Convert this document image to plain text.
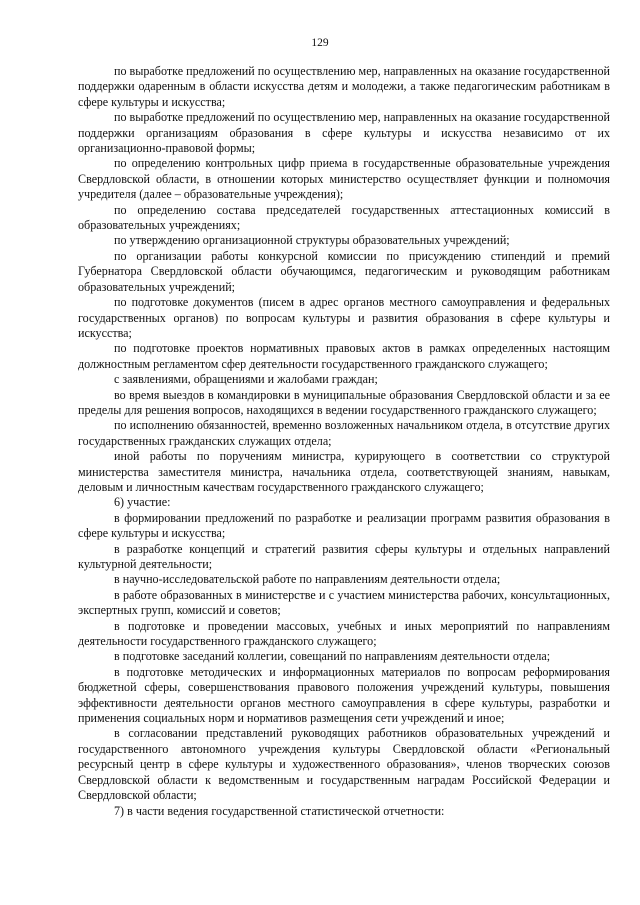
129

по выработке предложений по осуществлению мер, направленных на оказание государственной поддержки одаренным в области искусства детям и молодежи, а также педагогическим работникам в сфере культуры и искусства;

по выработке предложений по осуществлению мер, направленных на оказание государственной поддержки организациям образования в сфере культуры и искусства независимо от их организационно-правовой формы;

по определению контрольных цифр приема в государственные образовательные учреждения Свердловской области, в отношении которых министерство осуществляет функции и полномочия учредителя (далее – образовательные учреждения);

по определению состава председателей государственных аттестационных комиссий в образовательных учреждениях;

по утверждению организационной структуры образовательных учреждений;

по организации работы конкурсной комиссии по присуждению стипендий и премий Губернатора Свердловской области обучающимся, педагогическим и руководящим работникам образовательных учреждений;

по подготовке документов (писем в адрес органов местного самоуправления и федеральных государственных органов) по вопросам культуры и развития образования в сфере культуры и искусства;

по подготовке проектов нормативных правовых актов в рамках определенных настоящим должностным регламентом сфер деятельности государственного гражданского служащего;

с заявлениями, обращениями и жалобами граждан;

во время выездов в командировки в муниципальные образования Свердловской области и за ее пределы для решения вопросов, находящихся в ведении государственного гражданского служащего;

по исполнению обязанностей, временно возложенных начальником отдела, в отсутствие других государственных гражданских служащих отдела;

иной работы по поручениям министра, курирующего в соответствии со структурой министерства заместителя министра, начальника отдела, соответствующей знаниям, навыкам, деловым и личностным качествам государственного гражданского служащего;

6) участие:

в формировании предложений по разработке и реализации программ развития образования в сфере культуры и искусства;

в разработке концепций и стратегий развития сферы культуры и отдельных направлений культурной деятельности;

в научно-исследовательской работе по направлениям деятельности отдела;

в работе образованных в министерстве и с участием министерства рабочих, консультационных, экспертных групп, комиссий и советов;

в подготовке и проведении массовых, учебных и иных мероприятий по направлениям деятельности государственного гражданского служащего;

в подготовке заседаний коллегии, совещаний по направлениям деятельности отдела;

в подготовке методических и информационных материалов по вопросам реформирования бюджетной сферы, совершенствования правового положения учреждений культуры, повышения эффективности деятельности органов местного самоуправления в сфере культуры, разработки и применения социальных норм и нормативов размещения сети учреждений и иное;

в согласовании представлений руководящих работников образовательных учреждений и государственного автономного учреждения культуры Свердловской области «Региональный ресурсный центр в сфере культуры и художественного образования», членов творческих союзов Свердловской области к ведомственным и государственным наградам Российской Федерации и Свердловской области;

7) в части ведения государственной статистической отчетности:
